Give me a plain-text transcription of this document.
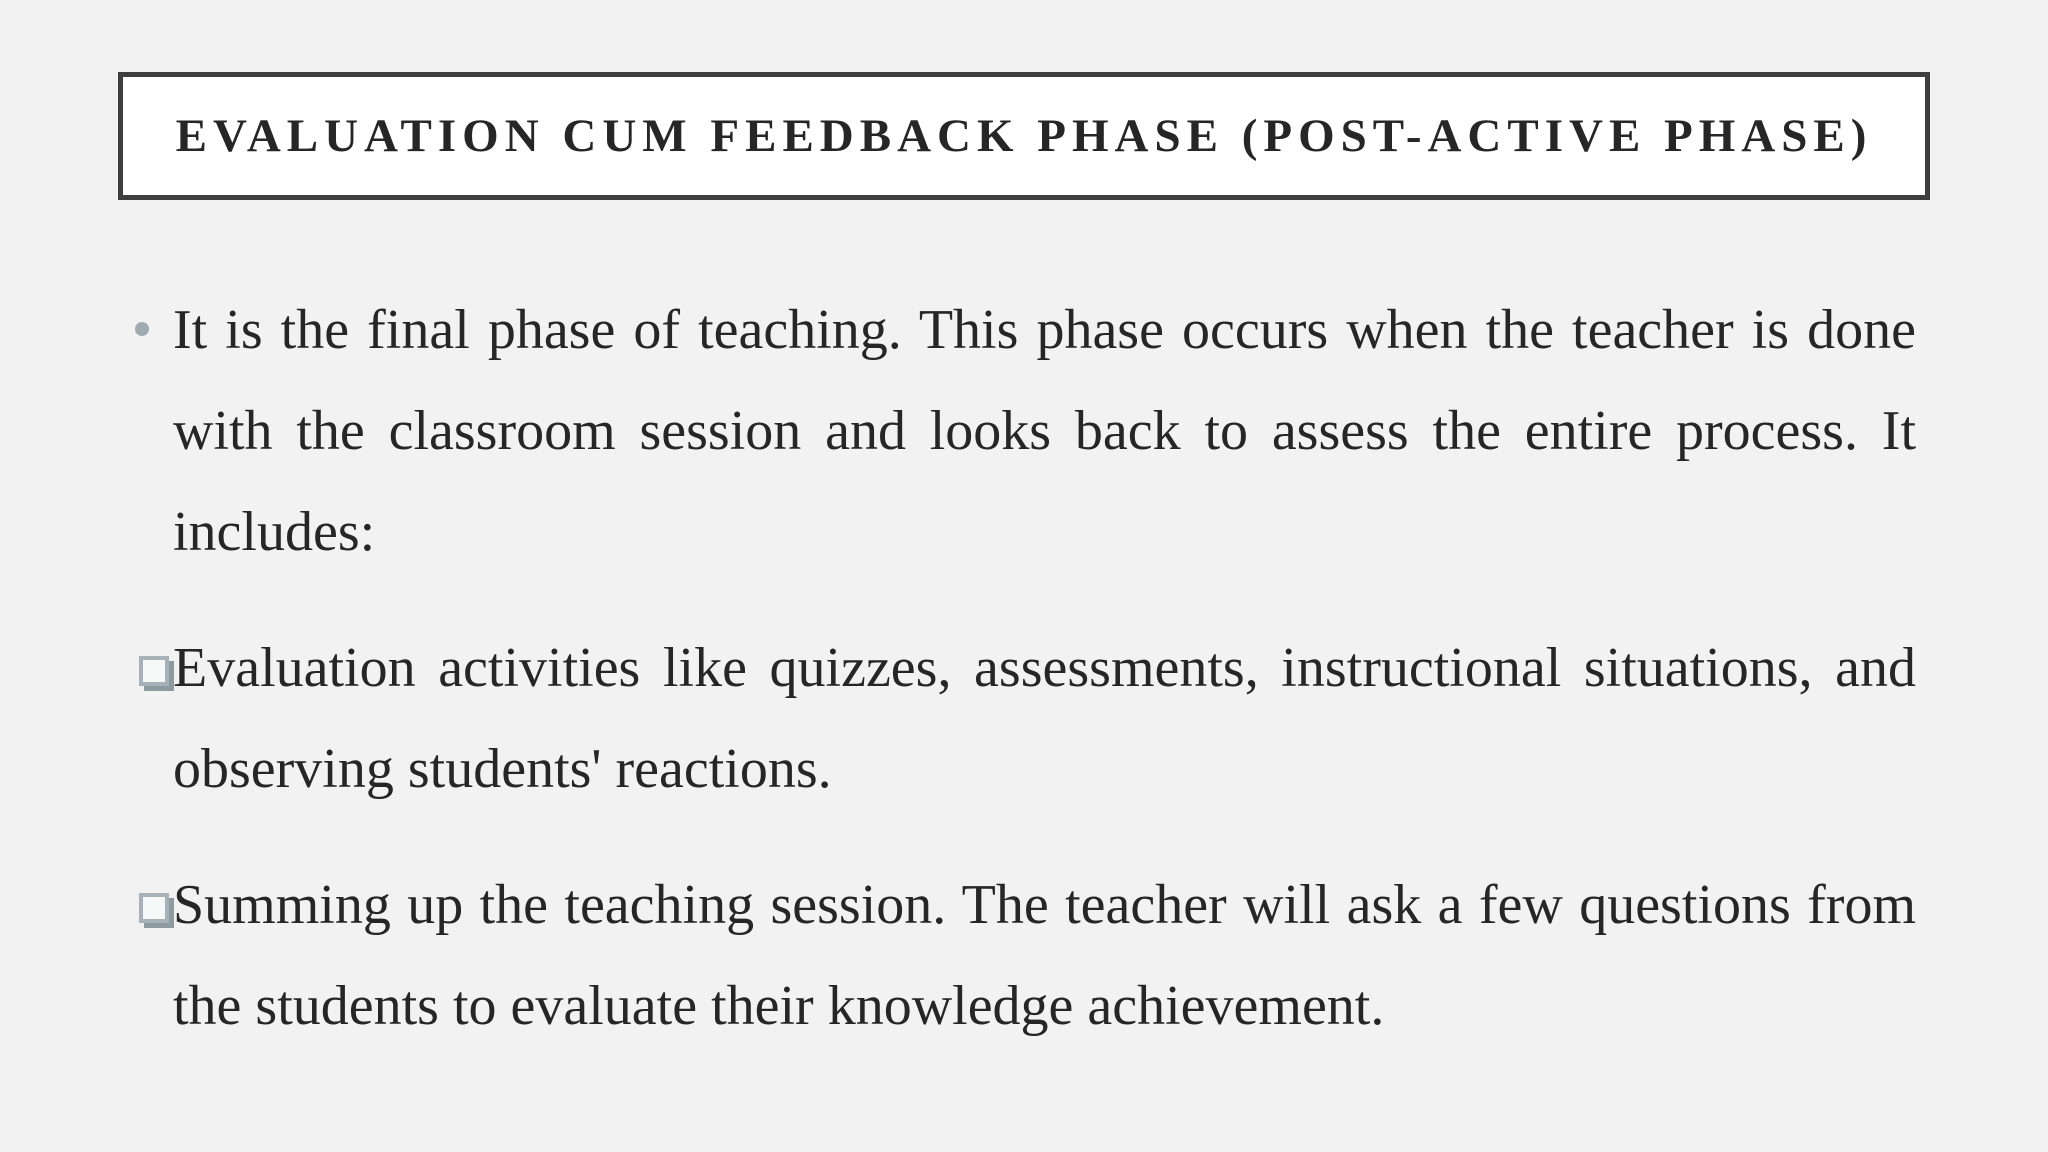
EVALUATION CUM FEEDBACK PHASE (POST-ACTIVE PHASE)
It is the final phase of teaching. This phase occurs when the teacher is done with the classroom session and looks back to assess the entire process. It includes:
Evaluation activities like quizzes, assessments, instructional situations, and observing students' reactions.
Summing up the teaching session. The teacher will ask a few questions from the students to evaluate their knowledge achievement.
